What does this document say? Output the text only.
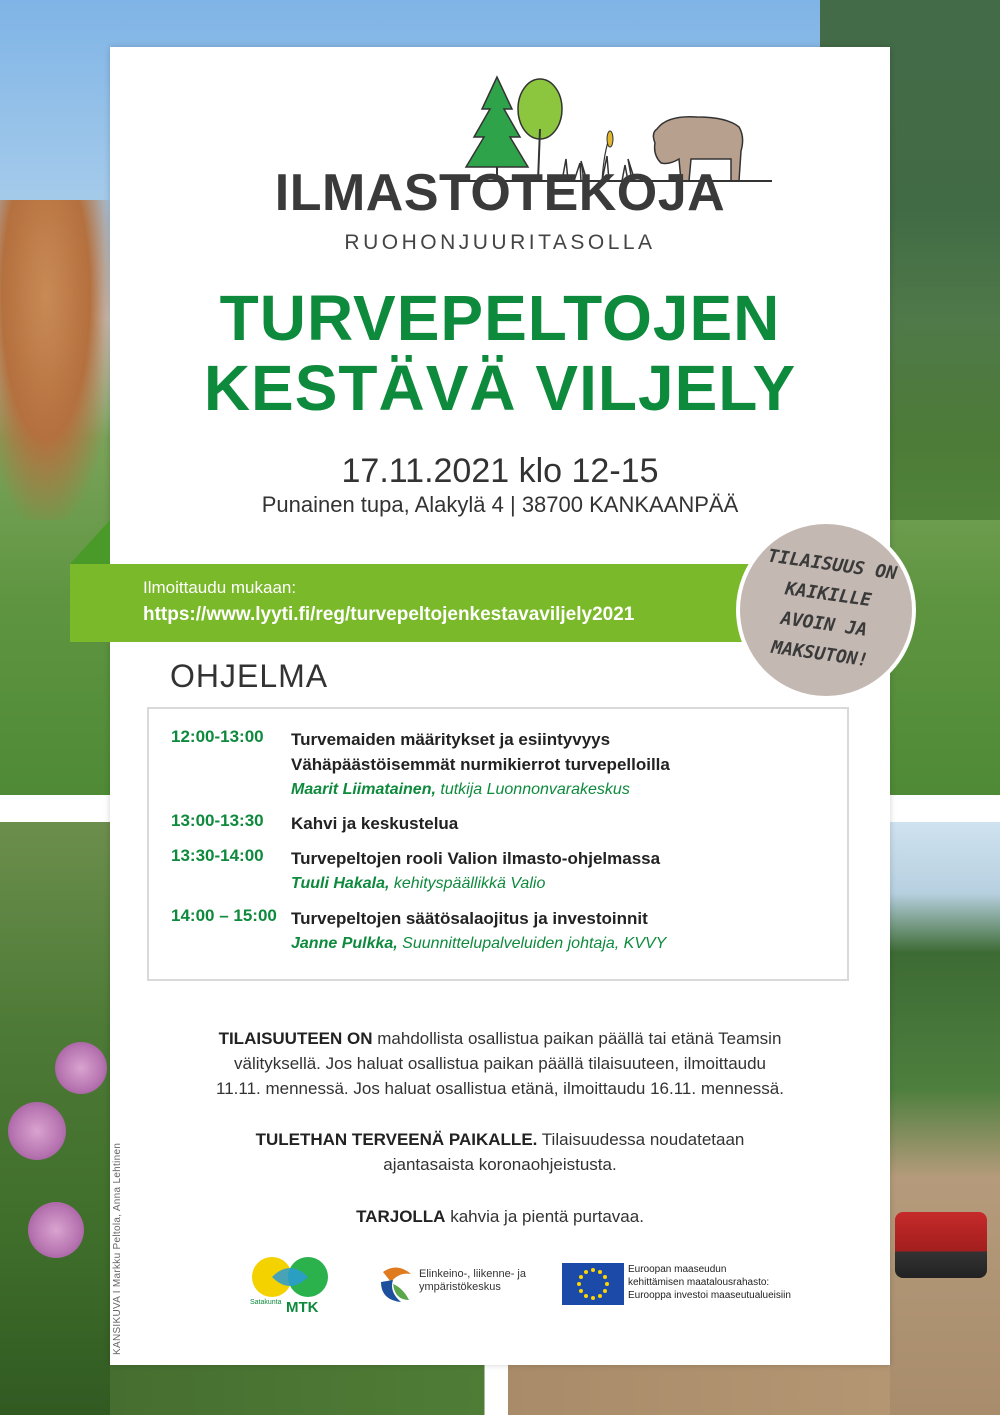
ILMASTOTEKOJA
RUOHONJUURITASOLLA
TURVEPELTOJEN
KESTÄVÄ VILJELY
17.11.2021 klo 12-15
Punainen tupa, Alakylä 4 | 38700 KANKAANPÄÄ
Ilmoittaudu mukaan:
https://www.lyyti.fi/reg/turvepeltojenkestavaviljely2021
TILAISUUS ON
KAIKILLE AVOIN JA
MAKSUTON!
OHJELMA
12:00-13:00 Turvemaiden määritykset ja esiintyvyys
Vähäpäästöisemmät nurmikierrot turvepelloilla
Maarit Liimatainen, tutkija Luonnonvarakeskus
13:00-13:30 Kahvi ja keskustelua
13:30-14:00 Turvepeltojen rooli Valion ilmasto-ohjelmassa
Tuuli Hakala, kehityspäällikkä Valio
14:00 – 15:00 Turvepeltojen säätösalaojitus ja investoinnit
Janne Pulkka, Suunnittelupalveluiden johtaja, KVVY
TILAISUUTEEN ON mahdollista osallistua paikan päällä tai etänä Teamsin
välityksellä. Jos haluat osallistua paikan päällä tilaisuuteen, ilmoittaudu
11.11. mennessä. Jos haluat osallistua etänä, ilmoittaudu 16.11. mennessä.
TULETHAN TERVEENÄ PAIKALLE. Tilaisuudessa noudatetaan
ajantasaista koronaohjeistusta.
TARJOLLA kahvia ja pientä purtavaa.
KANSIKUVA I Markku Peltola, Anna Lehtinen	Satakunta MTK
Elinkeino-, liikenne- ja
ympäristökeskus
Euroopan maaseudun
kehittämisen maatalousrahasto:
Eurooppa investoi maaseutualueisiin
